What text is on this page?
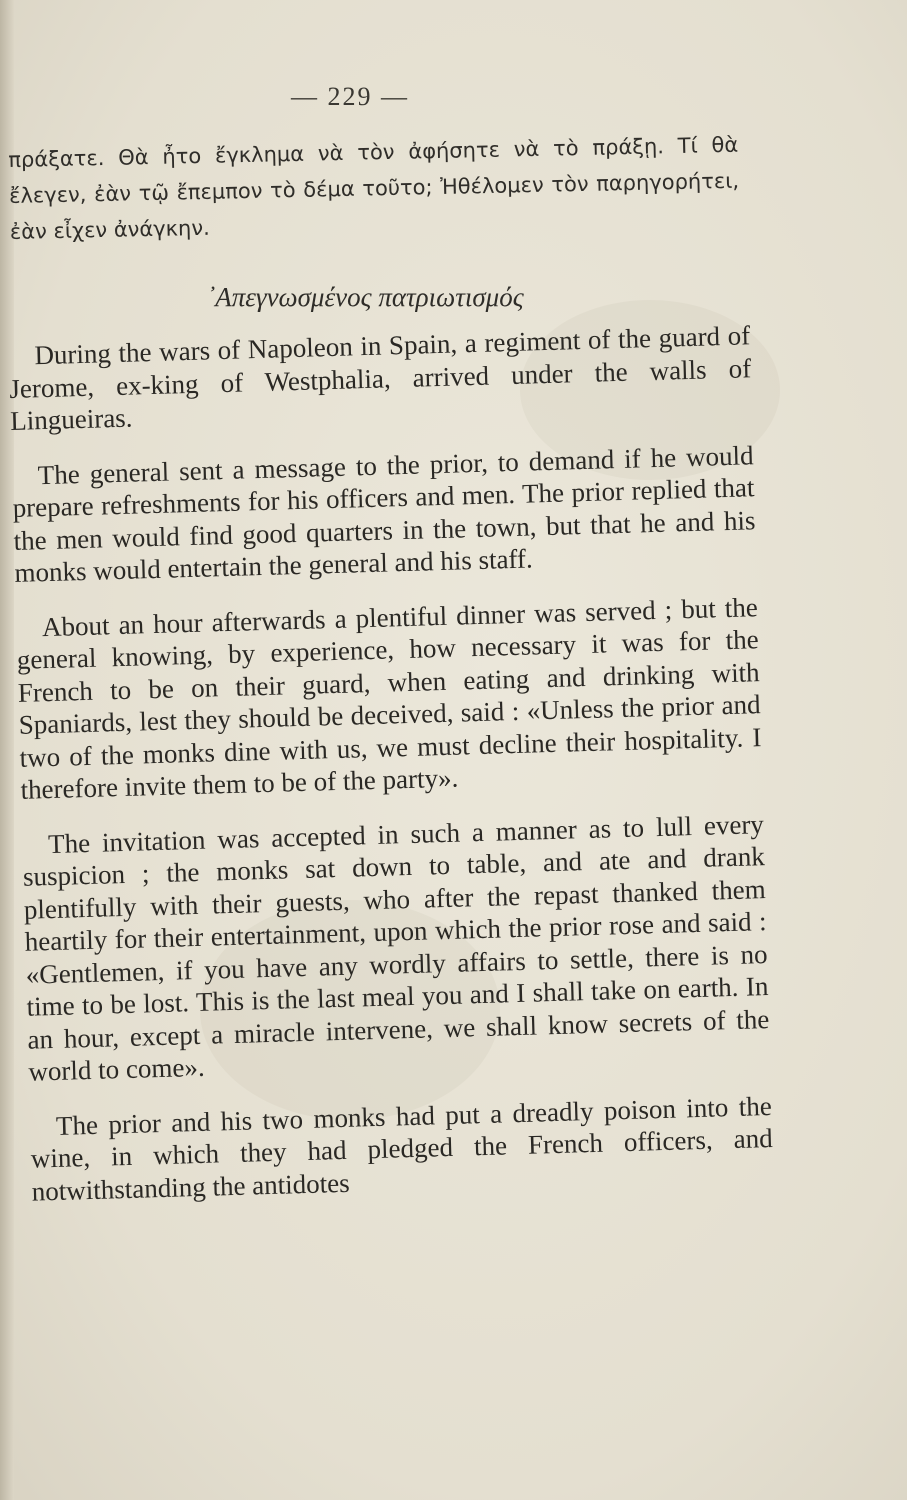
— 229 —
πράξατε. Θὰ ἦτο ἔγκλημα νὰ τὸν ἀφήσητε νὰ τὸ πράξῃ. Τί θὰ ἔλεγεν, ἐὰν τῷ ἔπεμπον τὸ δέμα τοῦτο; Ἠθέλομεν τὸν παρηγορήτει, ἐὰν εἶχεν ἀνάγκην.
᾽Απεγνωσμένος πατριωτισμός

During the wars of Napoleon in Spain, a regiment of the guard of Jerome, ex-king of Westphalia, arrived under the walls of Lingueiras.

The general sent a message to the prior, to demand if he would prepare refreshments for his officers and men. The prior replied that the men would find good quarters in the town, but that he and his monks would entertain the general and his staff.

About an hour afterwards a plentiful dinner was served ; but the general knowing, by experience, how necessary it was for the French to be on their guard, when eating and drinking with Spaniards, lest they should be deceived, said : «Unless the prior and two of the monks dine with us, we must decline their hospitality. I therefore invite them to be of the party».

The invitation was accepted in such a manner as to lull every suspicion ; the monks sat down to table, and ate and drank plentifully with their guests, who after the repast thanked them heartily for their entertainment, upon which the prior rose and said : «Gentlemen, if you have any wordly affairs to settle, there is no time to be lost. This is the last meal you and I shall take on earth. In an hour, except a miracle intervene, we shall know secrets of the world to come».

The prior and his two monks had put a dreadly poison into the wine, in which they had pledged the French officers, and notwithstanding the antidotes
